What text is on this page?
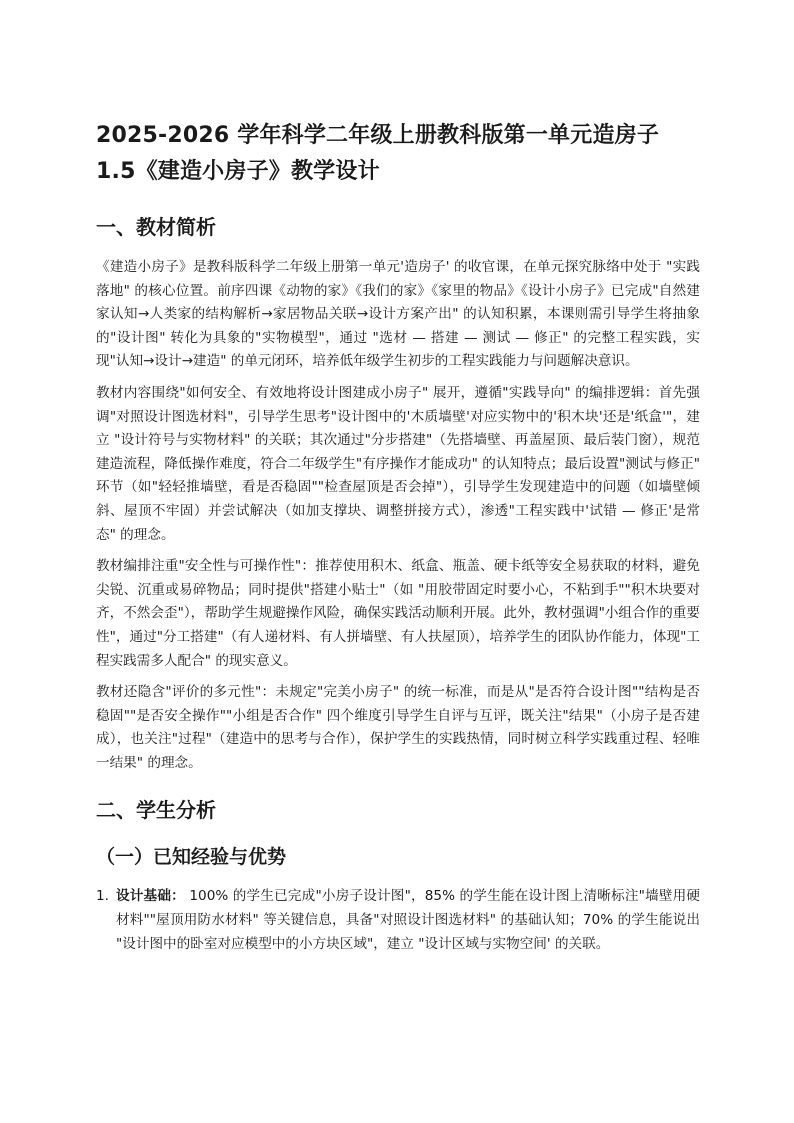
2025-2026 学年科学二年级上册教科版第一单元造房子 1.5《建造小房子》教学设计
一、教材简析

《建造小房子》是教科版科学二年级上册第一单元'造房子' 的收官课，在单元探究脉络中处于 "实践落地" 的核心位置。前序四课《动物的家》《我们的家》《家里的物品》《设计小房子》已完成"自然建家认知→人类家的结构解析→家居物品关联→设计方案产出" 的认知积累，本课则需引导学生将抽象的"设计图" 转化为具象的"实物模型"，通过 "选材 — 搭建 — 测试 — 修正" 的完整工程实践，实现"认知→设计→建造" 的单元闭环，培养低年级学生初步的工程实践能力与问题解决意识。

教材内容围绕"如何安全、有效地将设计图建成小房子" 展开，遵循"实践导向" 的编排逻辑：首先强调"对照设计图选材料"，引导学生思考"设计图中的'木质墙壁'对应实物中的'积木块'还是'纸盒'"，建立 "设计符号与实物材料" 的关联；其次通过"分步搭建"（先搭墙壁、再盖屋顶、最后装门窗），规范建造流程，降低操作难度，符合二年级学生"有序操作才能成功" 的认知特点；最后设置"测试与修正" 环节（如"轻轻推墙壁，看是否稳固""检查屋顶是否会掉"），引导学生发现建造中的问题（如墙壁倾斜、屋顶不牢固）并尝试解决（如加支撑块、调整拼接方式），渗透"工程实践中'试错 — 修正'是常态" 的理念。

教材编排注重"安全性与可操作性"：推荐使用积木、纸盒、瓶盖、硬卡纸等安全易获取的材料，避免尖锐、沉重或易碎物品；同时提供"搭建小贴士"（如 "用胶带固定时要小心，不粘到手""积木块要对齐，不然会歪"），帮助学生规避操作风险，确保实践活动顺利开展。此外，教材强调"小组合作的重要性"，通过"分工搭建"（有人递材料、有人拼墙壁、有人扶屋顶），培养学生的团队协作能力，体现"工程实践需多人配合" 的现实意义。

教材还隐含"评价的多元性"：未规定"完美小房子" 的统一标准，而是从"是否符合设计图""结构是否稳固""是否安全操作""小组是否合作" 四个维度引导学生自评与互评，既关注"结果"（小房子是否建成），也关注"过程"（建造中的思考与合作），保护学生的实践热情，同时树立科学实践重过程、轻唯一结果" 的理念。

二、学生分析
（一）已知经验与优势
1. 设计基础： 100% 的学生已完成"小房子设计图"，85% 的学生能在设计图上清晰标注"墙壁用硬材料""屋顶用防水材料" 等关键信息，具备"对照设计图选材料" 的基础认知；70% 的学生能说出 "设计图中的卧室对应模型中的小方块区域"，建立 "设计区域与实物空间' 的关联。
